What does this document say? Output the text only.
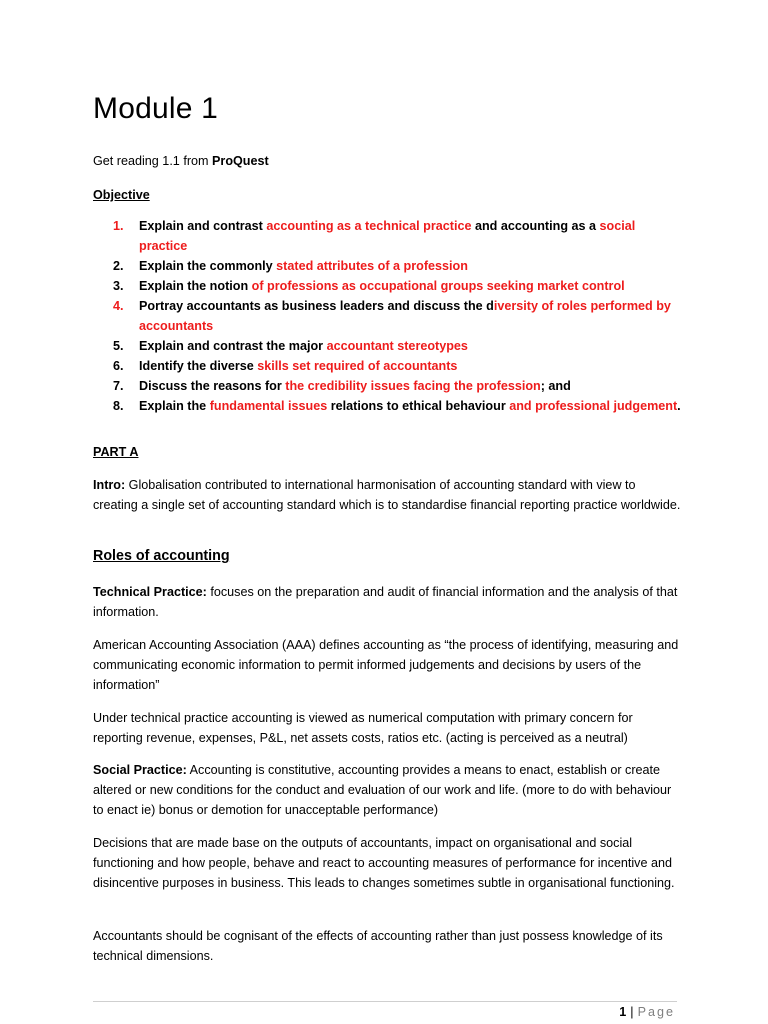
Module 1
Get reading 1.1 from ProQuest
Objective
1.	Explain and contrast accounting as a technical practice and accounting as a social practice
2.	Explain the commonly stated attributes of a profession
3.	Explain the notion of professions as occupational groups seeking market control
4.	Portray accountants as business leaders and discuss the diversity of roles performed by accountants
5.	Explain and contrast the major accountant stereotypes
6.	Identify the diverse skills set required of accountants
7.	Discuss the reasons for the credibility issues facing the profession; and
8.	Explain the fundamental issues relations to ethical behaviour and professional judgement.
PART A
Intro: Globalisation contributed to international harmonisation of accounting standard with view to creating a single set of accounting standard which is to standardise financial reporting practice worldwide.
Roles of accounting
Technical Practice: focuses on the preparation and audit of financial information and the analysis of that information.
American Accounting Association (AAA) defines accounting as “the process of identifying, measuring and communicating economic information to permit informed judgements and decisions by users of the information”
Under technical practice accounting is viewed as numerical computation with primary concern for reporting revenue, expenses, P&L, net assets costs, ratios etc. (acting is perceived as a neutral)
Social Practice: Accounting is constitutive, accounting provides a means to enact, establish or create altered or new conditions for the conduct and evaluation of our work and life. (more to do with behaviour to enact ie) bonus or demotion for unacceptable performance)
Decisions that are made base on the outputs of accountants, impact on organisational and social functioning and how people, behave and react to accounting measures of performance for incentive and disincentive purposes in business. This leads to changes sometimes subtle in organisational functioning.
Accountants should be cognisant of the effects of accounting rather than just possess knowledge of its technical dimensions.
1 | Page
